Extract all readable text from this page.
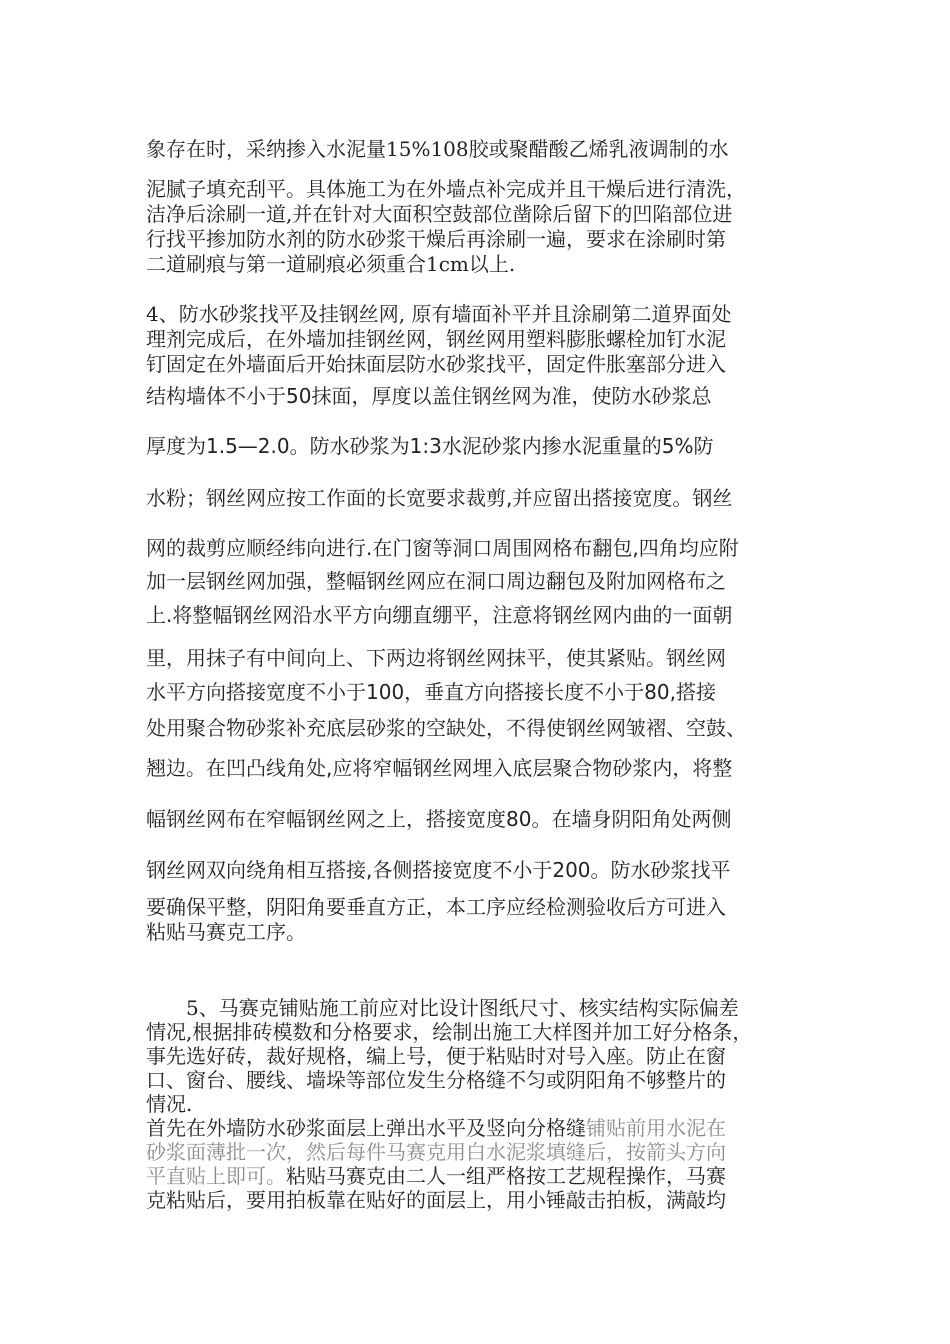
象存在时，采纳掺入水泥量15%108胶或聚醋酸乙烯乳液调制的水
泥腻子填充刮平。具体施工为在外墙点补完成并且干燥后进行清洗，
洁净后涂刷一道,并在针对大面积空鼓部位凿除后留下的凹陷部位进
行找平掺加防水剂的防水砂浆干燥后再涂刷一遍，要求在涂刷时第
二道刷痕与第一道刷痕必须重合1cm以上.
4、防水砂浆找平及挂钢丝网, 原有墙面补平并且涂刷第二道界面处
理剂完成后，在外墙加挂钢丝网，钢丝网用塑料膨胀螺栓加钉水泥
钉固定在外墙面后开始抹面层防水砂浆找平，固定件胀塞部分进入
结构墙体不小于50抹面，厚度以盖住钢丝网为准，使防水砂浆总
厚度为1.5—2.0。防水砂浆为1:3水泥砂浆内掺水泥重量的5%防
水粉；钢丝网应按工作面的长宽要求裁剪,并应留出搭接宽度。钢丝
网的裁剪应顺经纬向进行.在门窗等洞口周围网格布翻包,四角均应附
加一层钢丝网加强，整幅钢丝网应在洞口周边翻包及附加网格布之
上.将整幅钢丝网沿水平方向绷直绷平，注意将钢丝网内曲的一面朝
里，用抹子有中间向上、下两边将钢丝网抹平，使其紧贴。钢丝网
水平方向搭接宽度不小于100，垂直方向搭接长度不小于80,搭接
处用聚合物砂浆补充底层砂浆的空缺处，不得使钢丝网皱褶、空鼓、
翘边。在凹凸线角处,应将窄幅钢丝网埋入底层聚合物砂浆内，将整
幅钢丝网布在窄幅钢丝网之上，搭接宽度80。在墙身阴阳角处两侧
钢丝网双向绕角相互搭接,各侧搭接宽度不小于200。防水砂浆找平
要确保平整，阴阳角要垂直方正，本工序应经检测验收后方可进入
粘贴马赛克工序。
5、马赛克铺贴施工前应对比设计图纸尺寸、核实结构实际偏差
情况,根据排砖模数和分格要求，绘制出施工大样图并加工好分格条，
事先选好砖，裁好规格，编上号，便于粘贴时对号入座。防止在窗
口、窗台、腰线、墙垛等部位发生分格缝不匀或阴阳角不够整片的
情况.
首先在外墙防水砂浆面层上弹出水平及竖向分格缝铺贴前用水泥在
砂浆面薄批一次，然后每件马赛克用白水泥浆填缝后，按箭头方向
平直贴上即可。粘贴马赛克由二人一组严格按工艺规程操作，马赛
克粘贴后，要用拍板靠在贴好的面层上，用小锤敲击拍板，满敲均
